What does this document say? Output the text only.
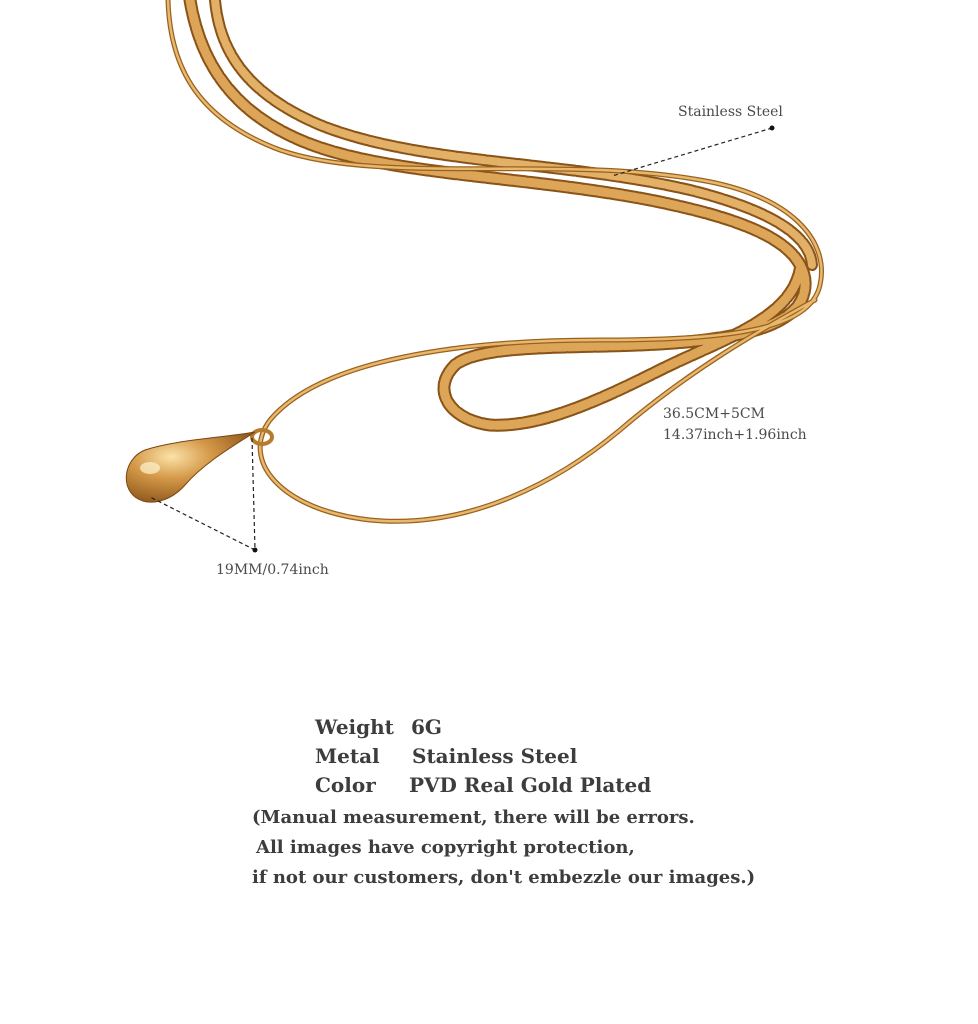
Stainless Steel
36.5CM+5CM
14.37inch+1.96inch
19MM/0.74inch
Weight 6G
Metal	Stainless Steel
Color	PVD Real Gold Plated
(Manual measurement, there will be errors.
All images have copyright protection,
if not our customers, don't embezzle our images.)
